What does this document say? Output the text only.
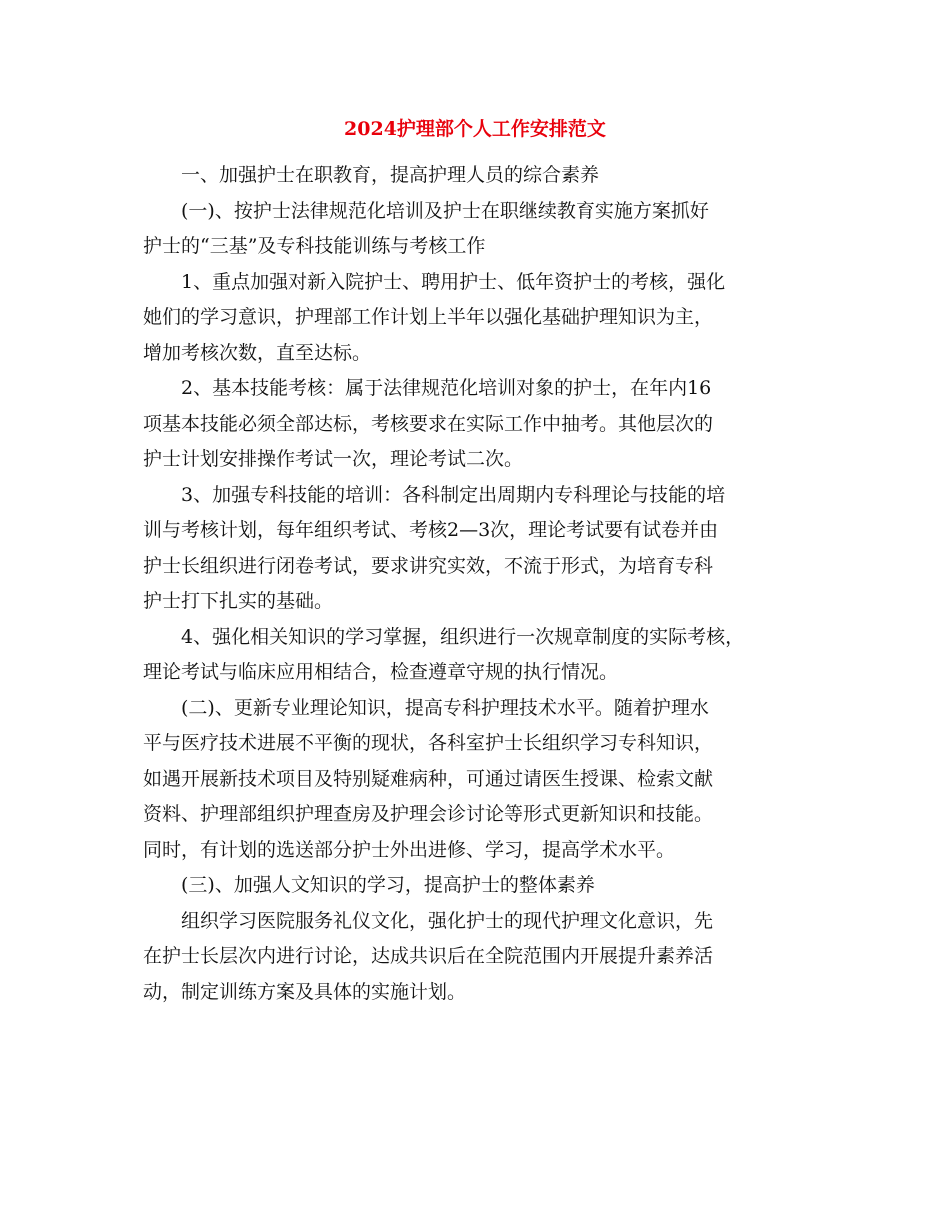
2024护理部个人工作安排范文

一、加强护士在职教育，提高护理人员的综合素养

(一)、按护士法律规范化培训及护士在职继续教育实施方案抓好
护士的“三基”及专科技能训练与考核工作

1、重点加强对新入院护士、聘用护士、低年资护士的考核，强化
她们的学习意识，护理部工作计划上半年以强化基础护理知识为主，
增加考核次数，直至达标。

2、基本技能考核：属于法律规范化培训对象的护士，在年内16
项基本技能必须全部达标，考核要求在实际工作中抽考。其他层次的
护士计划安排操作考试一次，理论考试二次。

3、加强专科技能的培训：各科制定出周期内专科理论与技能的培
训与考核计划，每年组织考试、考核2—3次，理论考试要有试卷并由
护士长组织进行闭卷考试，要求讲究实效，不流于形式，为培育专科
护士打下扎实的基础。

4、强化相关知识的学习掌握，组织进行一次规章制度的实际考核，
理论考试与临床应用相结合，检查遵章守规的执行情况。

(二)、更新专业理论知识，提高专科护理技术水平。随着护理水
平与医疗技术进展不平衡的现状，各科室护士长组织学习专科知识，
如遇开展新技术项目及特别疑难病种，可通过请医生授课、检索文献
资料、护理部组织护理查房及护理会诊讨论等形式更新知识和技能。
同时，有计划的选送部分护士外出进修、学习，提高学术水平。

(三)、加强人文知识的学习，提高护士的整体素养

组织学习医院服务礼仪文化，强化护士的现代护理文化意识，先
在护士长层次内进行讨论，达成共识后在全院范围内开展提升素养活
动，制定训练方案及具体的实施计划。
